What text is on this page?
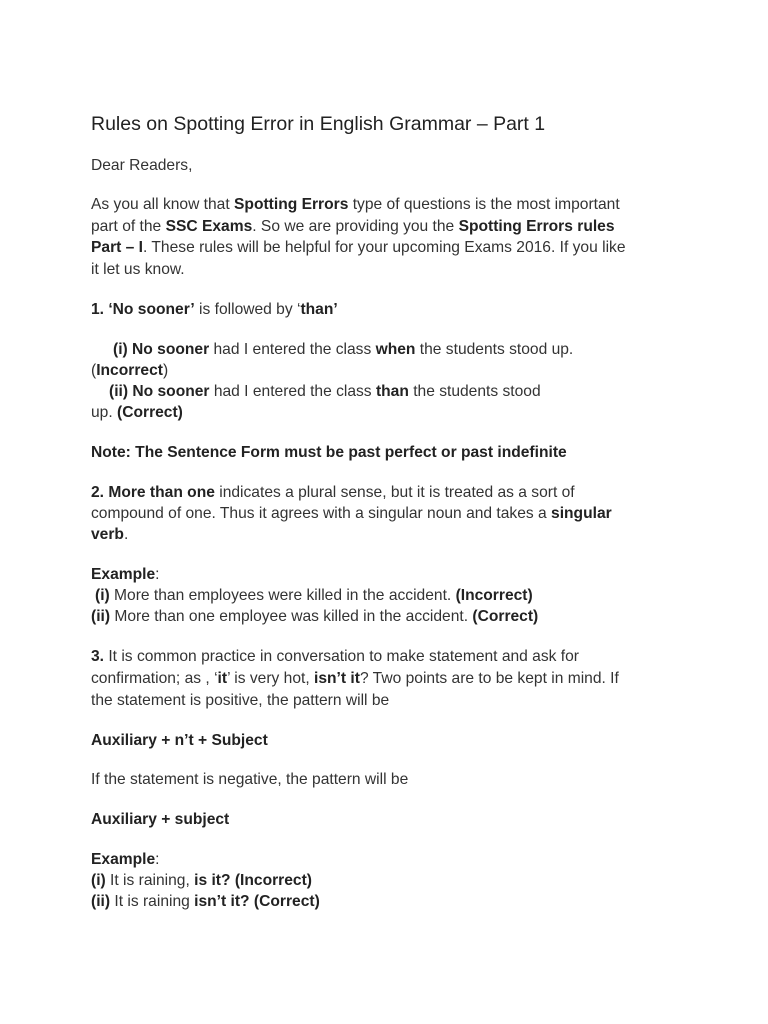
Rules on Spotting Error in English Grammar – Part 1

Dear Readers,

As you all know that Spotting Errors type of questions is the most important

part of the SSC Exams. So we are providing you the Spotting Errors rules

Part – I. These rules will be helpful for your upcoming Exams 2016. If you like

it let us know.

1. ‘No sooner’ is followed by ‘than’

(i) No sooner had I entered the class when the students stood up.

(Incorrect)

(ii) No sooner had I entered the class than the students stood

up. (Correct)

Note: The Sentence Form must be past perfect or past indefinite

2. More than one indicates a plural sense, but it is treated as a sort of

compound of one. Thus it agrees with a singular noun and takes a singular

verb.

Example:

(i) More than employees were killed in the accident. (Incorrect)

(ii) More than one employee was killed in the accident. (Correct)

3. It is common practice in conversation to make statement and ask for

confirmation; as , ‘it’ is very hot, isn’t it? Two points are to be kept in mind. If

the statement is positive, the pattern will be

Auxiliary + n’t + Subject

If the statement is negative, the pattern will be

Auxiliary + subject

Example:

(i) It is raining, is it? (Incorrect)

(ii) It is raining isn’t it? (Correct)
